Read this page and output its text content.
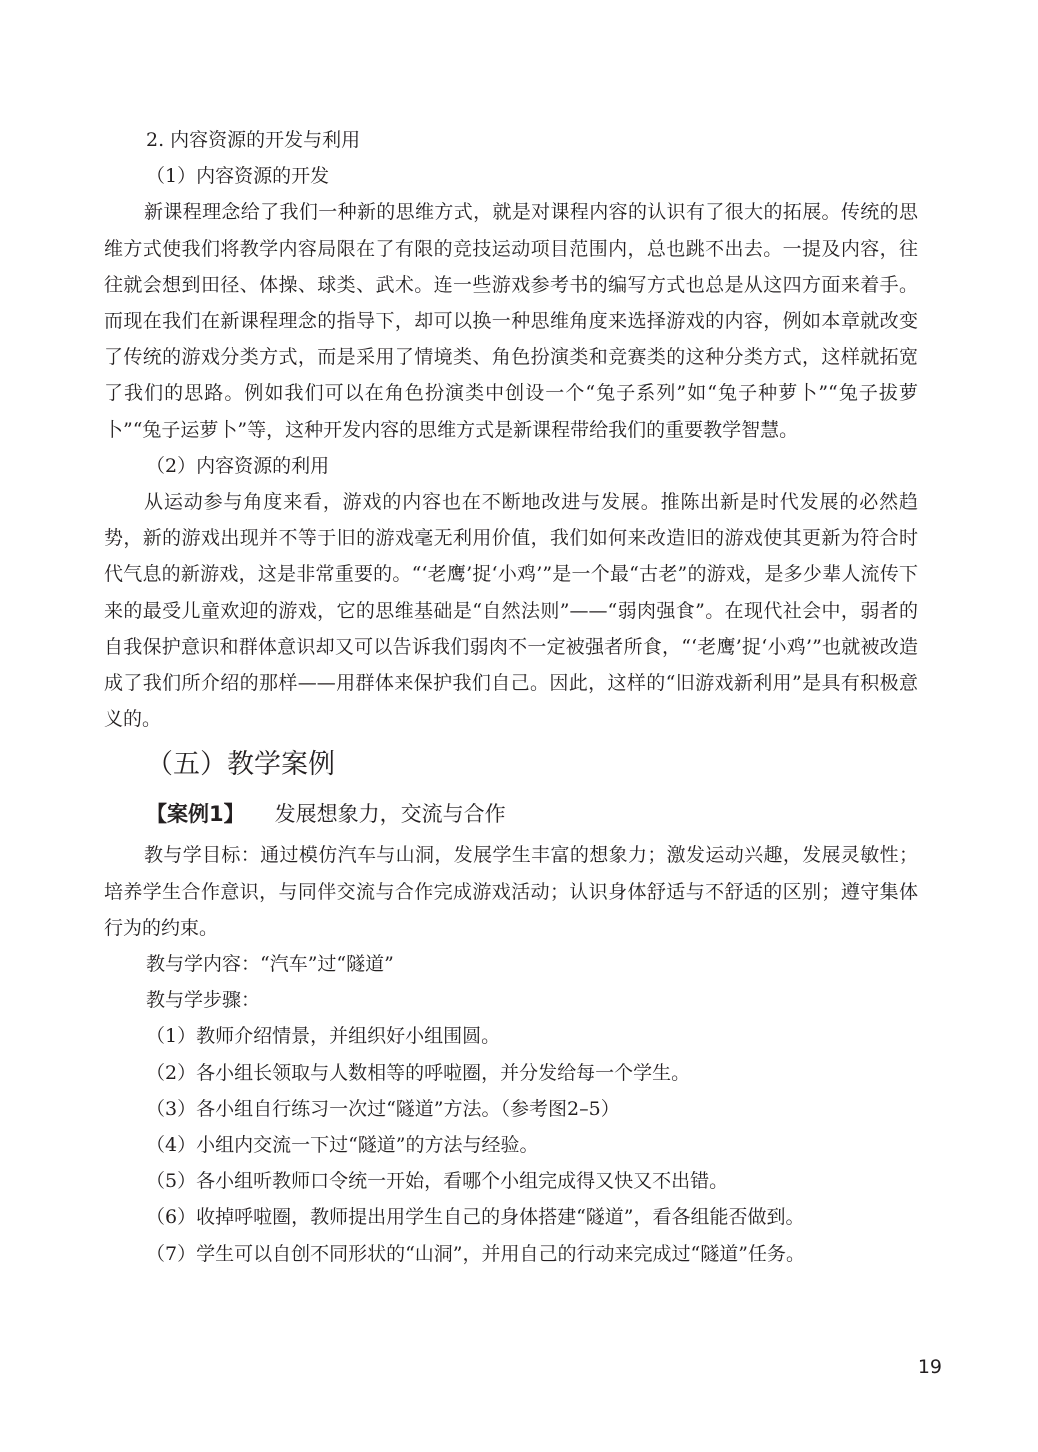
2. 内容资源的开发与利用
（1）内容资源的开发

新课程理念给了我们一种新的思维方式，就是对课程内容的认识有了很大的拓展。传统的思维方式使我们将教学内容局限在了有限的竞技运动项目范围内，总也跳不出去。一提及内容，往往就会想到田径、体操、球类、武术。连一些游戏参考书的编写方式也总是从这四方面来着手。而现在我们在新课程理念的指导下，却可以换一种思维角度来选择游戏的内容，例如本章就改变了传统的游戏分类方式，而是采用了情境类、角色扮演类和竞赛类的这种分类方式，这样就拓宽了我们的思路。例如我们可以在角色扮演类中创设一个“兔子系列”如“兔子种萝卜”“兔子拔萝卜”“兔子运萝卜”等，这种开发内容的思维方式是新课程带给我们的重要教学智慧。

（2）内容资源的利用

从运动参与角度来看，游戏的内容也在不断地改进与发展。推陈出新是时代发展的必然趋势，新的游戏出现并不等于旧的游戏毫无利用价值，我们如何来改造旧的游戏使其更新为符合时代气息的新游戏，这是非常重要的。“‘老鹰’捉‘小鸡’”是一个最“古老”的游戏，是多少辈人流传下来的最受儿童欢迎的游戏，它的思维基础是“自然法则”——“弱肉强食”。在现代社会中，弱者的自我保护意识和群体意识却又可以告诉我们弱肉不一定被强者所食，“‘老鹰’捉‘小鸡’”也就被改造成了我们所介绍的那样——用群体来保护我们自己。因此，这样的“旧游戏新利用”是具有积极意义的。

（五）教学案例
【案例1】 发展想象力，交流与合作

教与学目标：通过模仿汽车与山洞，发展学生丰富的想象力；激发运动兴趣，发展灵敏性；培养学生合作意识，与同伴交流与合作完成游戏活动；认识身体舒适与不舒适的区别；遵守集体行为的约束。

教与学内容：“汽车”过“隧道”
教与学步骤：
（1）教师介绍情景，并组织好小组围圆。
（2）各小组长领取与人数相等的呼啦圈，并分发给每一个学生。
（3）各小组自行练习一次过“隧道”方法。（参考图2–5）
（4）小组内交流一下过“隧道”的方法与经验。
（5）各小组听教师口令统一开始，看哪个小组完成得又快又不出错。
（6）收掉呼啦圈，教师提出用学生自己的身体搭建“隧道”，看各组能否做到。
（7）学生可以自创不同形状的“山洞”，并用自己的行动来完成过“隧道”任务。
19
